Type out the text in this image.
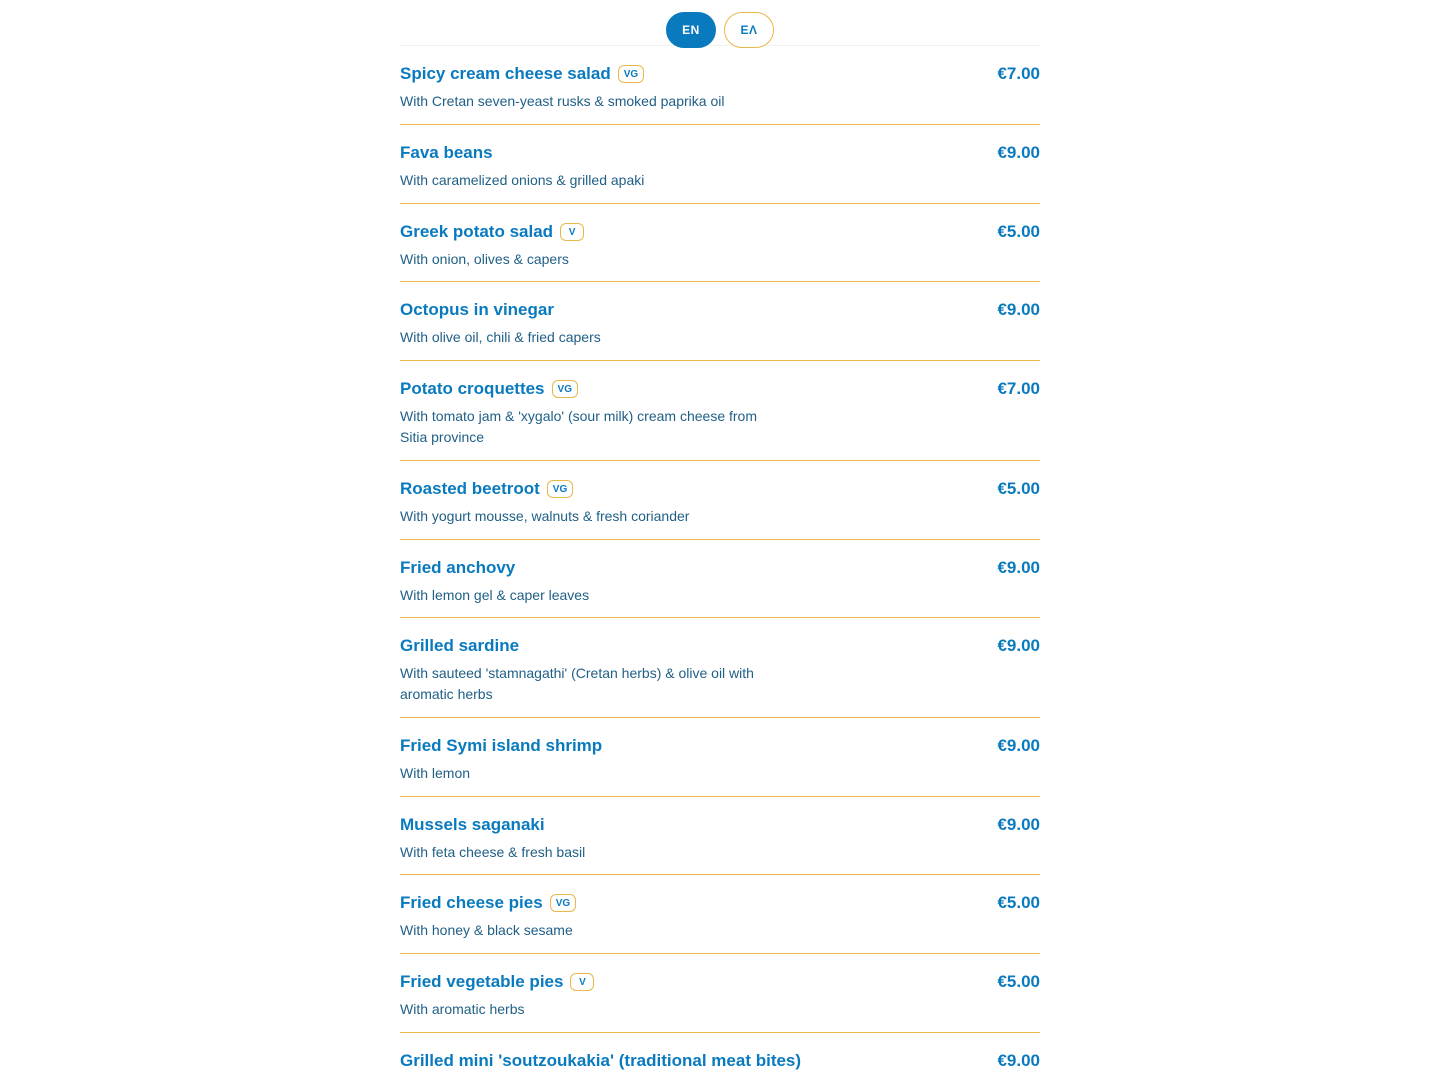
EN	ΕΛ
Spicy cream cheese salad	VG	€7.00
With Cretan seven-yeast rusks & smoked paprika oil
Fava beans	€9.00
With caramelized onions & grilled apaki
Greek potato salad	V	€5.00
With onion, olives & capers
Octopus in vinegar	€9.00
With olive oil, chili & fried capers
Potato croquettes	VG	€7.00
With tomato jam & 'xygalo' (sour milk) cream cheese from Sitia province
Roasted beetroot	VG	€5.00
With yogurt mousse, walnuts & fresh coriander
Fried anchovy	€9.00
With lemon gel & caper leaves
Grilled sardine	€9.00
With sauteed 'stamnagathi' (Cretan herbs) & olive oil with aromatic herbs
Fried Symi island shrimp	€9.00
With lemon
Mussels saganaki	€9.00
With feta cheese & fresh basil
Fried cheese pies	VG	€5.00
With honey & black sesame
Fried vegetable pies	V	€5.00
With aromatic herbs
Grilled mini 'soutzoukakia' (traditional meat bites)	€9.00
